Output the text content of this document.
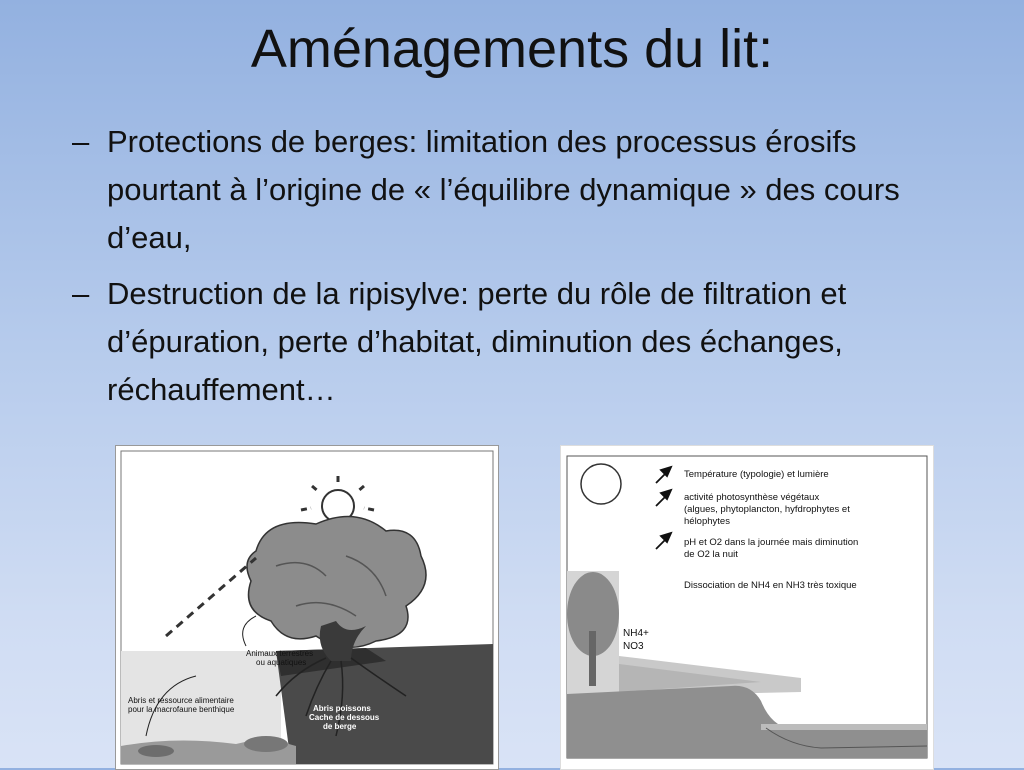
Aménagements du lit:
– Protections de berges: limitation des processus érosifs pourtant à l’origine de « l’équilibre dynamique » des cours d’eau,
– Destruction de la ripisylve: perte du rôle de filtration et d’épuration, perte d’habitat, diminution des échanges, réchauffement…
Animaux terrestres
ou aquatiques
Abris et ressource alimentaire
pour la macrofaune benthique	Abris poissons
Cache de dessous
de berge
Température (typologie) et lumière
activité photosynthèse végétaux
(algues, phytoplancton, hyfdrophytes et
hélophytes
pH et O2 dans la journée mais diminution
de O2 la nuit
Dissociation de NH4 en NH3 très toxique
NH4+
NO3
